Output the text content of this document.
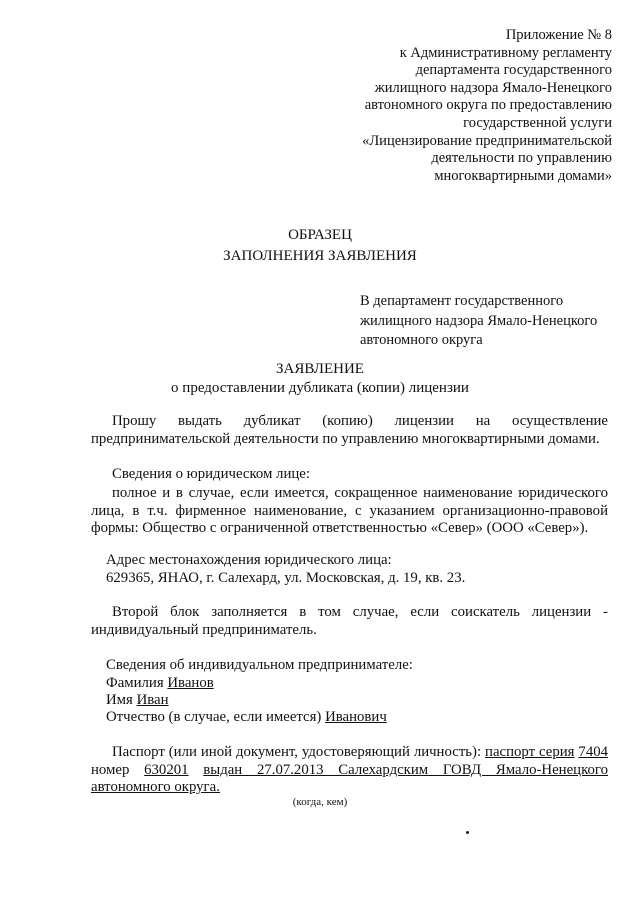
Приложение № 8
к Административному регламенту
департамента государственного
жилищного надзора Ямало-Ненецкого
автономного округа по предоставлению
государственной услуги
«Лицензирование предпринимательской
деятельности по управлению
многоквартирными домами»
ОБРАЗЕЦ
ЗАПОЛНЕНИЯ ЗАЯВЛЕНИЯ
В департамент государственного
жилищного надзора Ямало-Ненецкого
автономного округа
ЗАЯВЛЕНИЕ
о предоставлении дубликата (копии) лицензии
Прошу выдать дубликат (копию) лицензии на осуществление предпринимательской деятельности по управлению многоквартирными домами.
Сведения о юридическом лице:
полное и в случае, если имеется, сокращенное наименование юридического лица, в т.ч. фирменное наименование, с указанием организационно-правовой формы: Общество с ограниченной ответственностью «Север» (ООО «Север»).
Адрес местонахождения юридического лица:
629365, ЯНАО, г. Салехард, ул. Московская, д. 19, кв. 23.
Второй блок заполняется в том случае, если соискатель лицензии - индивидуальный предприниматель.
Сведения об индивидуальном предпринимателе:
Фамилия Иванов
Имя Иван
Отчество (в случае, если имеется) Иванович
Паспорт (или иной документ, удостоверяющий личность): паспорт серия 7404 номер 630201 выдан 27.07.2013 Салехардским ГОВД Ямало-Ненецкого автономного округа.
(когда, кем)
